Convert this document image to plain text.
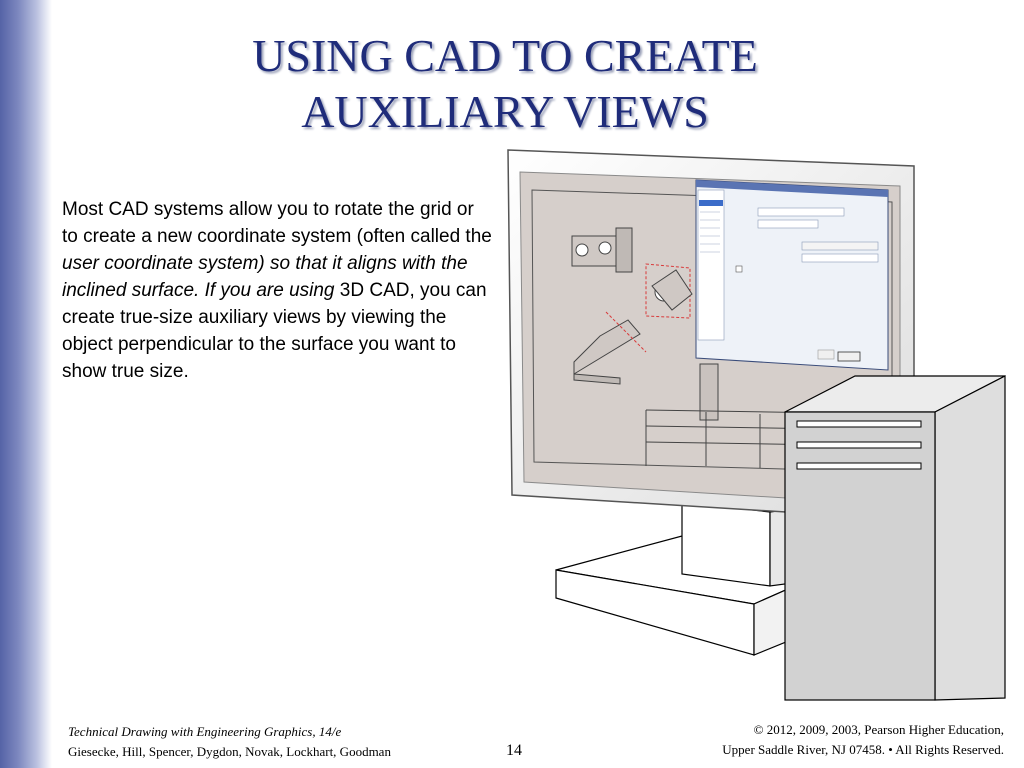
USING CAD TO CREATE
AUXILIARY VIEWS

Most CAD systems allow you to rotate the grid or to create a new coordinate system (often called the user coordinate system) so that it aligns with the inclined surface. If you are using 3D CAD, you can create true-size auxiliary views by viewing the object perpendicular to the surface you want to show true size.

Technical Drawing with Engineering Graphics, 14/e
Giesecke, Hill, Spencer, Dygdon, Novak, Lockhart, Goodman	14
© 2012, 2009, 2003, Pearson Higher Education,
Upper Saddle River, NJ 07458. • All Rights Reserved.
